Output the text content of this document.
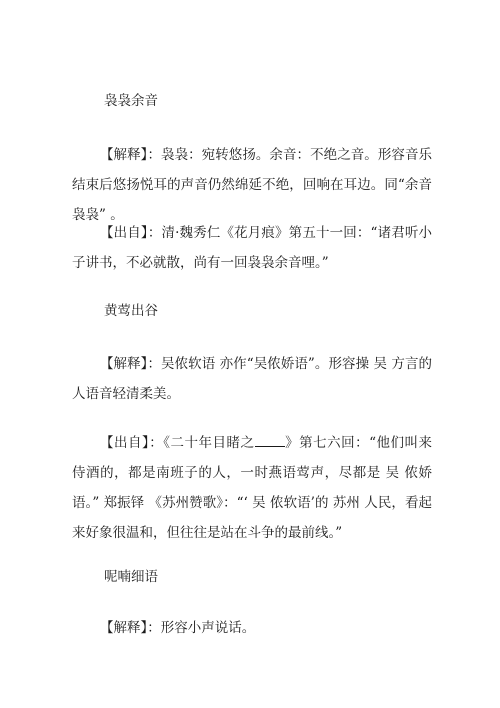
袅袅余音

【解释】：袅袅：宛转悠扬。余音：不绝之音。形容音乐结束后悠扬悦耳的声音仍然绵延不绝，回响在耳边。同“余音袅袅” 。

【出自】：清·魏秀仁《花月痕》第五十一回：“诸君听小子讲书，不必就散，尚有一回袅袅余音哩。”

黄莺出谷

【解释】：吴侬软语 亦作“吴侬娇语”。形容操 吴 方言的人语音轻清柔美。

【出自】：《二十年目睹之 》第七六回：“他们叫来侍酒的，都是南班子的人，一时燕语莺声，尽都是 吴 侬娇语。” 郑振铎 《苏州赞歌》：“‘ 吴 侬软语’的 苏州 人民，看起来好象很温和，但往往是站在斗争的最前线。”

呢喃细语

【解释】：形容小声说话。
